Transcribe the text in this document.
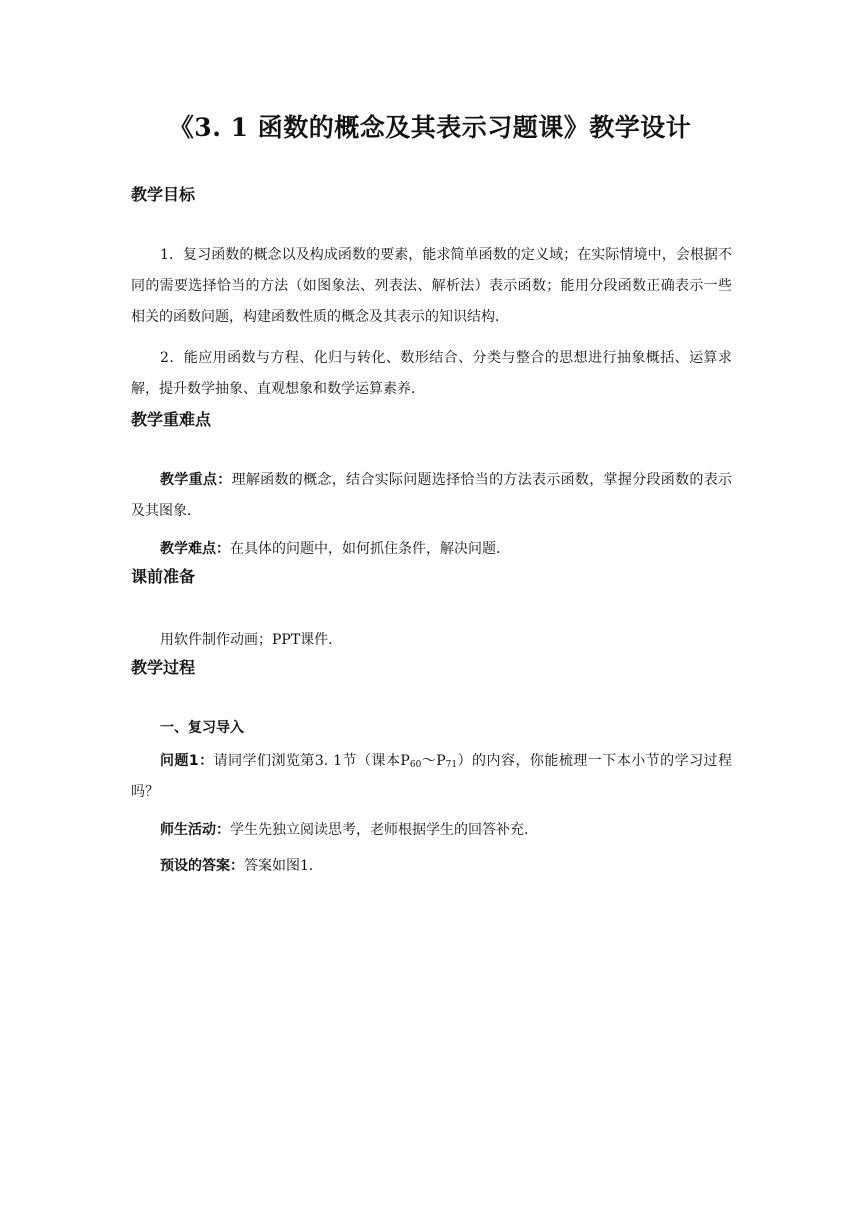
《3. 1 函数的概念及其表示习题课》教学设计
教学目标

1．复习函数的概念以及构成函数的要素，能求简单函数的定义域；在实际情境中，会根据不同的需要选择恰当的方法（如图象法、列表法、解析法）表示函数；能用分段函数正确表示一些相关的函数问题，构建函数性质的概念及其表示的知识结构．

2．能应用函数与方程、化归与转化、数形结合、分类与整合的思想进行抽象概括、运算求解，提升数学抽象、直观想象和数学运算素养．

教学重难点

教学重点：理解函数的概念，结合实际问题选择恰当的方法表示函数，掌握分段函数的表示及其图象．

教学难点：在具体的问题中，如何抓住条件，解决问题．

课前准备

用软件制作动画；PPT课件．

教学过程

一、复习导入

问题1：请同学们浏览第3. 1节（课本$P_{60}\sim P_{71}$）的内容，你能梳理一下本小节的学习过程吗？

师生活动：学生先独立阅读思考，老师根据学生的回答补充．

预设的答案：答案如图1．
